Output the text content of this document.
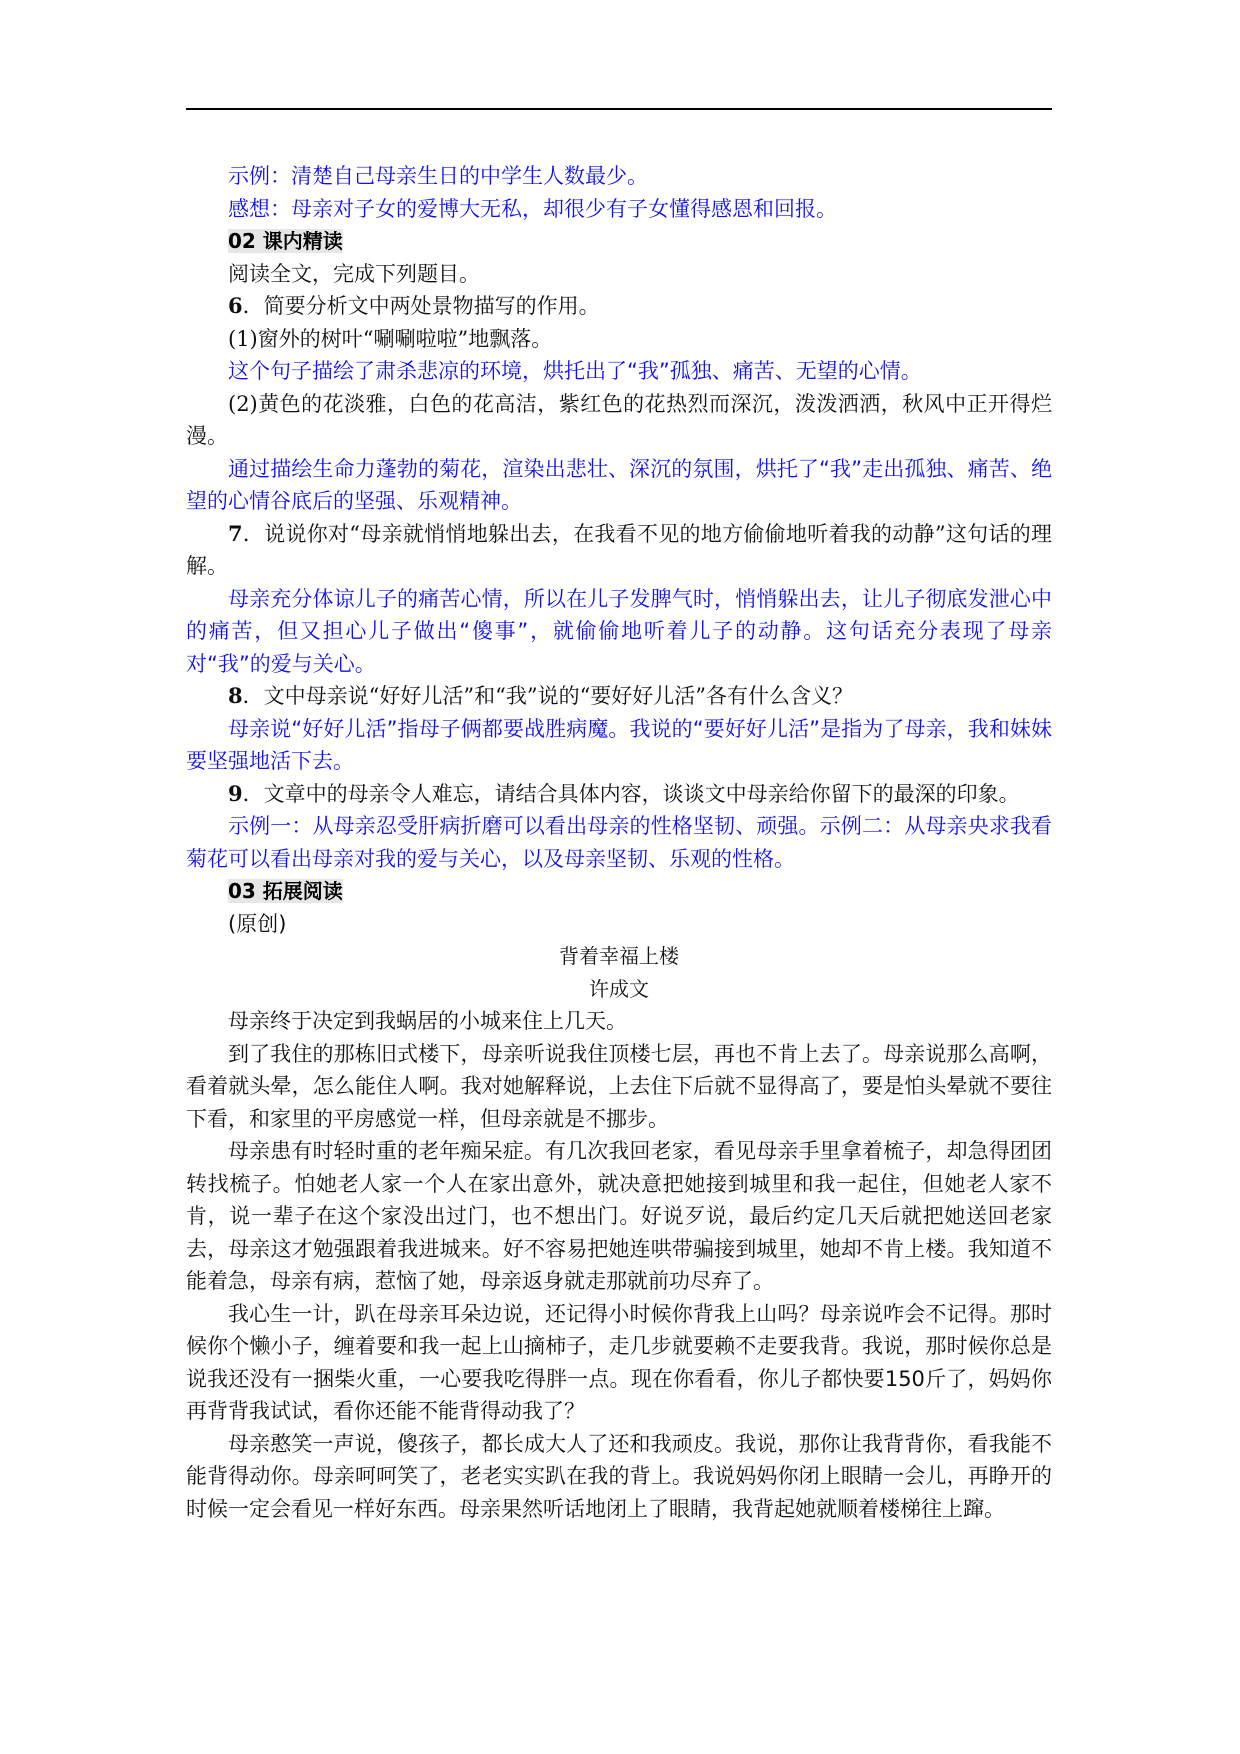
示例：清楚自己母亲生日的中学生人数最少。

感想：母亲对子女的爱博大无私，却很少有子女懂得感恩和回报。

02 课内精读

阅读全文，完成下列题目。

6．简要分析文中两处景物描写的作用。

(1)窗外的树叶“唰唰啦啦”地飘落。

这个句子描绘了肃杀悲凉的环境，烘托出了“我”孤独、痛苦、无望的心情。

(2)黄色的花淡雅，白色的花高洁，紫红色的花热烈而深沉，泼泼洒洒，秋风中正开得烂漫。

通过描绘生命力蓬勃的菊花，渲染出悲壮、深沉的氛围，烘托了“我”走出孤独、痛苦、绝望的心情谷底后的坚强、乐观精神。

7．说说你对“母亲就悄悄地躲出去，在我看不见的地方偷偷地听着我的动静”这句话的理解。

母亲充分体谅儿子的痛苦心情，所以在儿子发脾气时，悄悄躲出去，让儿子彻底发泄心中的痛苦，但又担心儿子做出“傻事”，就偷偷地听着儿子的动静。这句话充分表现了母亲对“我”的爱与关心。

8．文中母亲说“好好儿活”和“我”说的“要好好儿活”各有什么含义？

母亲说“好好儿活”指母子俩都要战胜病魔。我说的“要好好儿活”是指为了母亲，我和妹妹要坚强地活下去。

9．文章中的母亲令人难忘，请结合具体内容，谈谈文中母亲给你留下的最深的印象。

示例一：从母亲忍受肝病折磨可以看出母亲的性格坚韧、顽强。示例二：从母亲央求我看菊花可以看出母亲对我的爱与关心，以及母亲坚韧、乐观的性格。

03 拓展阅读

(原创)

背着幸福上楼

许成文

母亲终于决定到我蜗居的小城来住上几天。

到了我住的那栋旧式楼下，母亲听说我住顶楼七层，再也不肯上去了。母亲说那么高啊，看着就头晕，怎么能住人啊。我对她解释说，上去住下后就不显得高了，要是怕头晕就不要往下看，和家里的平房感觉一样，但母亲就是不挪步。

母亲患有时轻时重的老年痴呆症。有几次我回老家，看见母亲手里拿着梳子，却急得团团转找梳子。怕她老人家一个人在家出意外，就决意把她接到城里和我一起住，但她老人家不肯，说一辈子在这个家没出过门，也不想出门。好说歹说，最后约定几天后就把她送回老家去，母亲这才勉强跟着我进城来。好不容易把她连哄带骗接到城里，她却不肯上楼。我知道不能着急，母亲有病，惹恼了她，母亲返身就走那就前功尽弃了。

我心生一计，趴在母亲耳朵边说，还记得小时候你背我上山吗？母亲说咋会不记得。那时候你个懒小子，缠着要和我一起上山摘柿子，走几步就要赖不走要我背。我说，那时候你总是说我还没有一捆柴火重，一心要我吃得胖一点。现在你看看，你儿子都快要150斤了，妈妈你再背背我试试，看你还能不能背得动我了？

母亲憨笑一声说，傻孩子，都长成大人了还和我顽皮。我说，那你让我背背你，看我能不能背得动你。母亲呵呵笑了，老老实实趴在我的背上。我说妈妈你闭上眼睛一会儿，再睁开的时候一定会看见一样好东西。母亲果然听话地闭上了眼睛，我背起她就顺着楼梯往上蹿。
